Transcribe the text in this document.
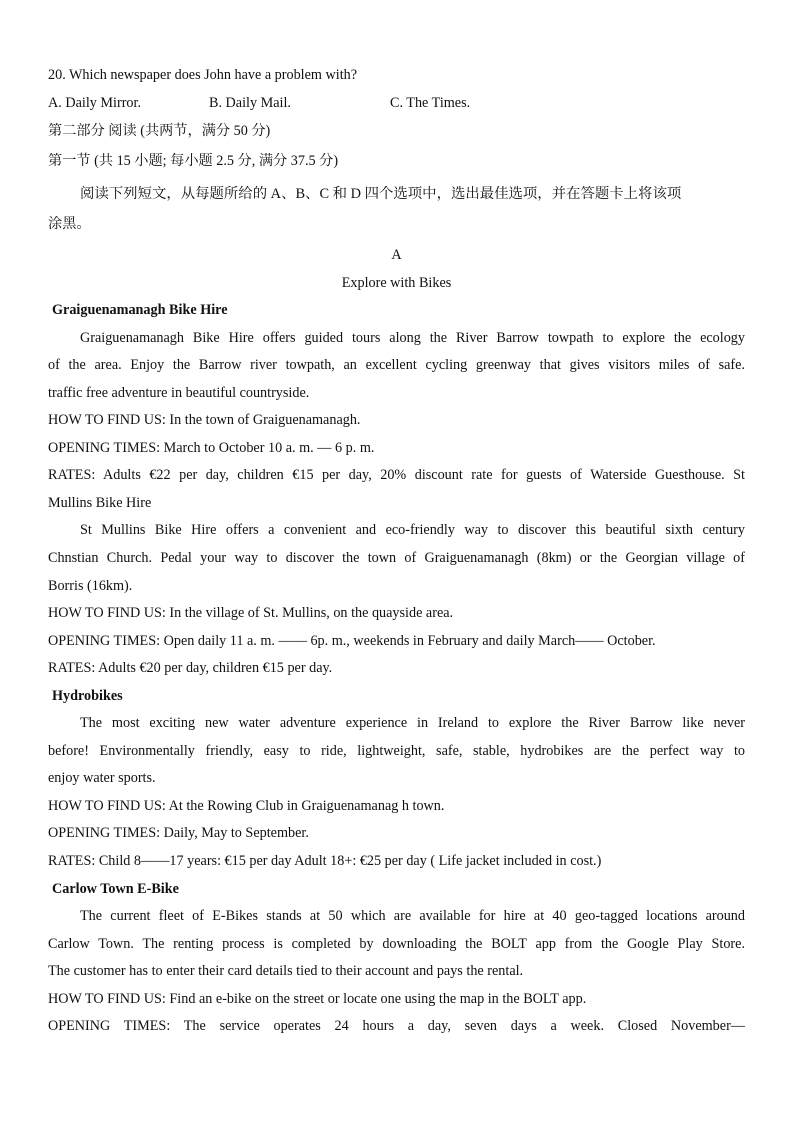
20. Which newspaper does John have a problem with?
A. Daily Mirror.	B. Daily Mail.	C. The Times.
第二部分 阅读 (共两节，满分 50 分)
第一节 (共 15 小题; 每小题 2.5 分, 满分 37.5 分)
阅读下列短文，从每题所给的 A、B、C 和 D 四个选项中，选出最佳选项，并在答题卡上将该项
涂黑。
A
Explore with Bikes
Graiguenamanagh Bike Hire
Graiguenamanagh Bike Hire offers guided tours along the River Barrow towpath to explore the ecology
of the area. Enjoy the Barrow river towpath, an excellent cycling greenway that gives visitors miles of safe.
traffic free adventure in beautiful countryside.
HOW TO FIND US: In the town of Graiguenamanagh.
OPENING TIMES: March to October 10 a. m. — 6 p. m.
RATES: Adults €22 per day, children €15 per day, 20% discount rate for guests of Waterside Guesthouse. St
Mullins Bike Hire
St Mullins Bike Hire offers a convenient and eco-friendly way to discover this beautiful sixth century
Chnstian Church. Pedal your way to discover the town of Graiguenamanagh (8km) or the Georgian village of
Borris (16km).
HOW TO FIND US: In the village of St. Mullins, on the quayside area.
OPENING TIMES: Open daily 11 a. m. —— 6p. m., weekends in February and daily March—— October.
RATES: Adults €20 per day, children €15 per day.
Hydrobikes
The most exciting new water adventure experience in Ireland to explore the River Barrow like never
before! Environmentally friendly, easy to ride, lightweight, safe, stable, hydrobikes are the perfect way to
enjoy water sports.
HOW TO FIND US: At the Rowing Club in Graiguenamanag h town.
OPENING TIMES: Daily, May to September.
RATES: Child 8——17 years: €15 per day Adult 18+: €25 per day ( Life jacket included in cost.)
Carlow Town E-Bike
The current fleet of E-Bikes stands at 50 which are available for hire at 40 geo-tagged locations around
Carlow Town. The renting process is completed by downloading the BOLT app from the Google Play Store.
The customer has to enter their card details tied to their account and pays the rental.
HOW TO FIND US: Find an e-bike on the street or locate one using the map in the BOLT app.
OPENING TIMES: The service operates 24 hours a day, seven days a week. Closed November—
